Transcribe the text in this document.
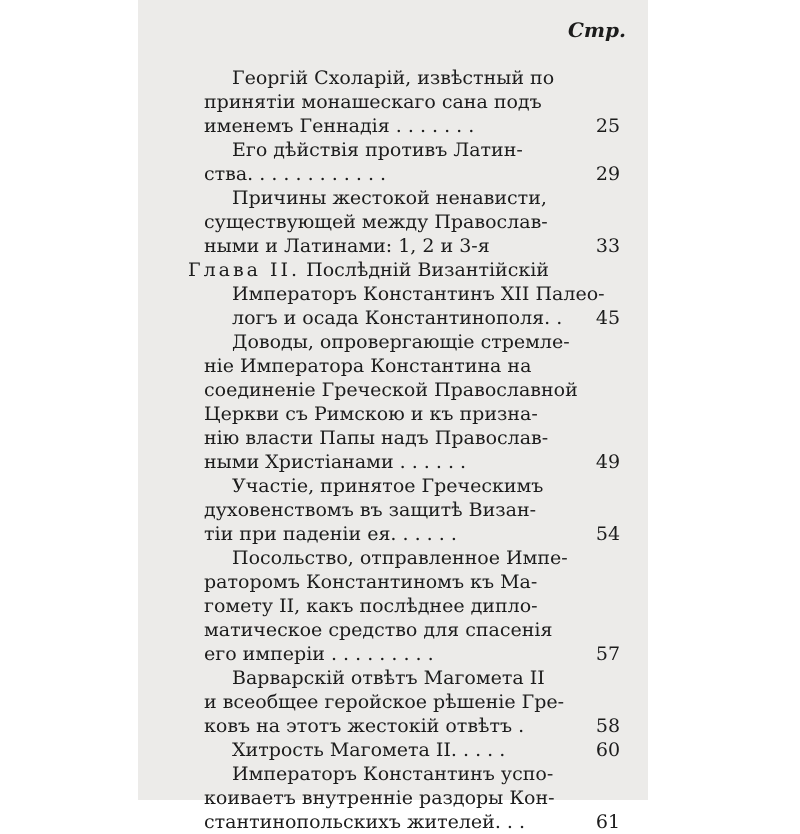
Стр.
Георгій Схоларій, извѣстный по
принятіи монашескаго сана подъ
именемъ Геннадія . . . . . . .	25
Его дѣйствія противъ Латин-
ства. . . . . . . . . . . .	29
Причины жестокой ненависти,
существующей между Православ-
ными и Латинами: 1, 2 и 3-я	33
Глава II. Послѣдній Византійскій
Императоръ Константинъ XII Палео-
логъ и осада Константинополя. .	45
Доводы, опровергающіе стремле-
ніе Императора Константина на
соединеніе Греческой Православной
Церкви съ Римскою и къ призна-
нію власти Папы надъ Православ-
ными Христіанами . . . . . .	49
Участіе, принятое Греческимъ
духовенствомъ въ защитѣ Визан-
тіи при паденіи ея. . . . . .	54
Посольство, отправленное Импе-
раторомъ Константиномъ къ Ма-
гомету II, какъ послѣднее дипло-
матическое средство для спасенія
его имперіи . . . . . . . . .	57
Варварскій отвѣтъ Магомета II
и всеобщее геройское рѣшеніе Гре-
ковъ на этотъ жестокій отвѣтъ .	58
Хитрость Магомета II. . . . .	60
Императоръ Константинъ успо-
коиваетъ внутренніе раздоры Кон-
стантинопольскихъ жителей. . .	61
